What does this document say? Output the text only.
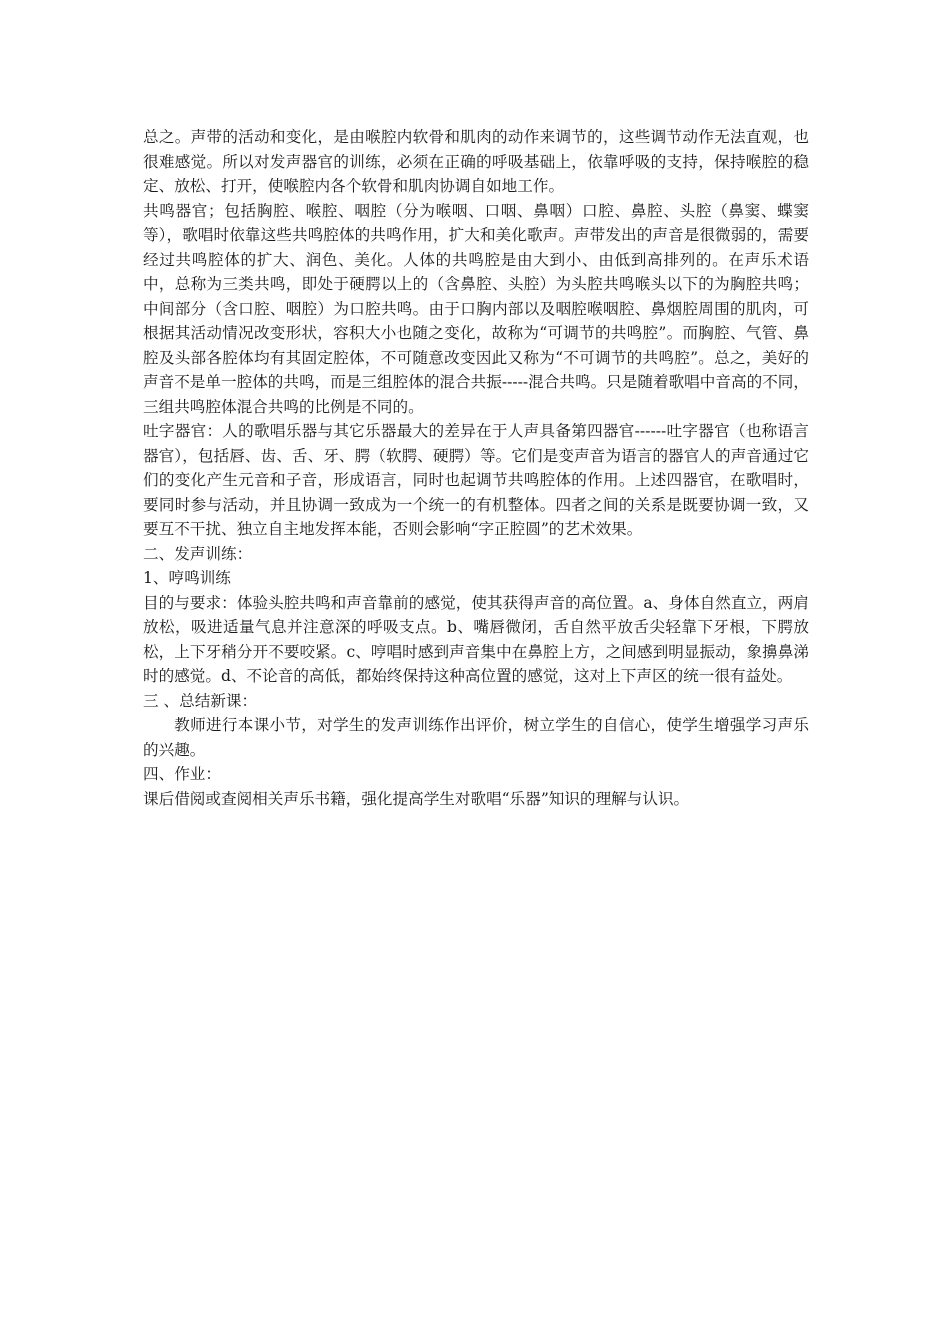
总之。声带的活动和变化，是由喉腔内软骨和肌肉的动作来调节的，这些调节动作无法直观，也很难感觉。所以对发声器官的训练，必须在正确的呼吸基础上，依靠呼吸的支持，保持喉腔的稳定、放松、打开，使喉腔内各个软骨和肌肉协调自如地工作。

共鸣器官；包括胸腔、喉腔、咽腔（分为喉咽、口咽、鼻咽）口腔、鼻腔、头腔（鼻窦、蝶窦等），歌唱时依靠这些共鸣腔体的共鸣作用，扩大和美化歌声。声带发出的声音是很微弱的，需要经过共鸣腔体的扩大、润色、美化。人体的共鸣腔是由大到小、由低到高排列的。在声乐术语中，总称为三类共鸣，即处于硬腭以上的（含鼻腔、头腔）为头腔共鸣喉头以下的为胸腔共鸣；中间部分（含口腔、咽腔）为口腔共鸣。由于口胸内部以及咽腔喉咽腔、鼻烟腔周围的肌肉，可根据其活动情况改变形状，容积大小也随之变化，故称为“可调节的共鸣腔”。而胸腔、气管、鼻腔及头部各腔体均有其固定腔体，不可随意改变因此又称为“不可调节的共鸣腔”。总之，美好的声音不是单一腔体的共鸣，而是三组腔体的混合共振-----混合共鸣。只是随着歌唱中音高的不同，三组共鸣腔体混合共鸣的比例是不同的。

吐字器官：人的歌唱乐器与其它乐器最大的差异在于人声具备第四器官------吐字器官（也称语言器官），包括唇、齿、舌、牙、腭（软腭、硬腭）等。它们是变声音为语言的器官人的声音通过它们的变化产生元音和子音，形成语言，同时也起调节共鸣腔体的作用。上述四器官，在歌唱时，要同时参与活动，并且协调一致成为一个统一的有机整体。四者之间的关系是既要协调一致，又要互不干扰、独立自主地发挥本能，否则会影响“字正腔圆”的艺术效果。

二、发声训练：

1、哼鸣训练

目的与要求：体验头腔共鸣和声音靠前的感觉，使其获得声音的高位置。a、身体自然直立，两肩放松，吸进适量气息并注意深的呼吸支点。b、嘴唇微闭，舌自然平放舌尖轻靠下牙根，下腭放松，上下牙稍分开不要咬紧。c、哼唱时感到声音集中在鼻腔上方，之间感到明显振动，象擤鼻涕时的感觉。d、不论音的高低，都始终保持这种高位置的感觉，这对上下声区的统一很有益处。

三 、总结新课：

教师进行本课小节，对学生的发声训练作出评价，树立学生的自信心，使学生增强学习声乐的兴趣。

四、作业：

课后借阅或查阅相关声乐书籍，强化提高学生对歌唱“乐器”知识的理解与认识。
